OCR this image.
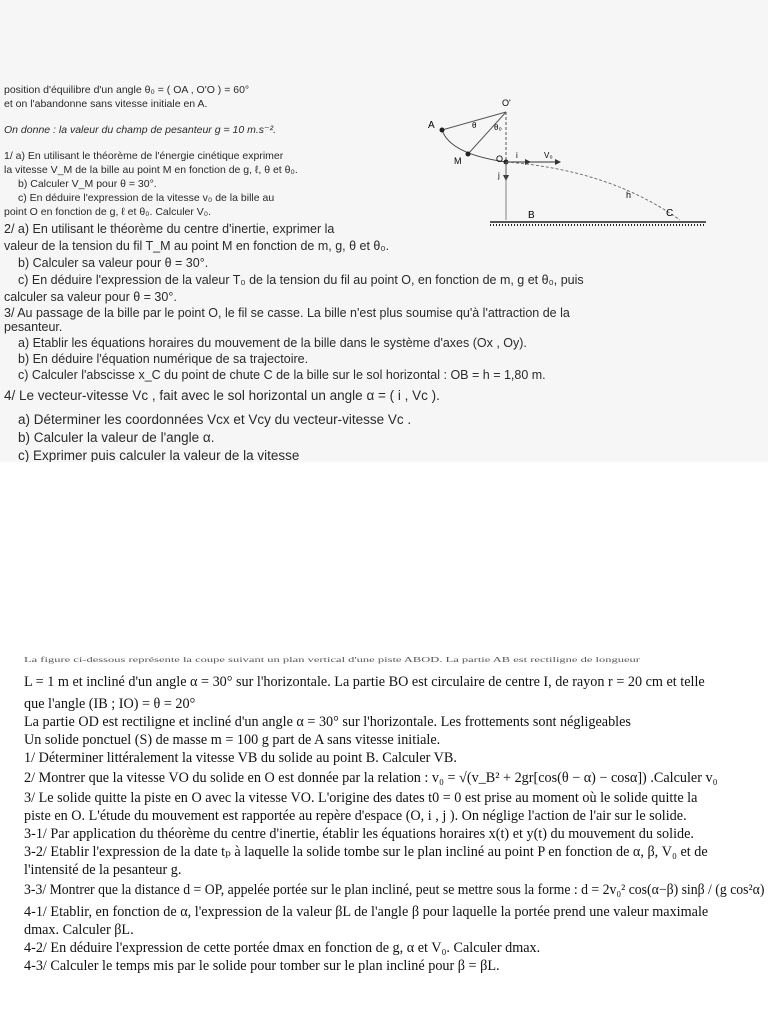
position d'équilibre d'un angle θ₀ = ( OA , O'O ) = 60°
et on l'abandonne sans vitesse initiale en A.
On donne : la valeur du champ de pesanteur g = 10 m.s⁻².
1/ a) En utilisant le théorème de l'énergie cinétique exprimer
la vitesse V_M de la bille au point M en fonction de g, ℓ, θ et θ₀.
b) Calculer V_M pour θ = 30°.
c) En déduire l'expression de la vitesse v₀ de la bille au
point O en fonction de g, ℓ et θ₀. Calculer V₀.
2/ a) En utilisant le théorème du centre d'inertie, exprimer la
valeur de la tension du fil T_M au point M en fonction de m, g, θ et θ₀.
b) Calculer sa valeur pour θ = 30°.
c) En déduire l'expression de la valeur T₀ de la tension du fil au point O, en fonction de m, g et θ₀, puis
calculer sa valeur pour θ = 30°.
3/ Au passage de la bille par le point O, le fil se casse. La bille n'est plus soumise qu'à l'attraction de la
pesanteur.
a) Etablir les équations horaires du mouvement de la bille dans le système d'axes (Ox , Oy).
b) En déduire l'équation numérique de sa trajectoire.
c) Calculer l'abscisse x_C du point de chute C de la bille sur le sol horizontal : OB = h = 1,80 m.
4/ Le vecteur-vitesse Vc , fait avec le sol horizontal un angle α = ( i , Vc ).
a) Déterminer les coordonnées Vcx et Vcy du vecteur-vitesse Vc .
b) Calculer la valeur de l'angle α.
c) Exprimer puis calculer la valeur de la vitesse
A
O'
θ θ₀
M	O i	V₀
j
h
B	C
La figure ci-dessous représente la coupe suivant un plan vertical d'une piste ABOD. La partie AB est rectiligne de longueur
L = 1 m et incliné d'un angle α = 30° sur l'horizontale. La partie BO est circulaire de centre I, de rayon r = 20 cm et telle
que l'angle (IB ; IO) = θ = 20°
La partie OD est rectiligne et incliné d'un angle α = 30° sur l'horizontale. Les frottements sont négligeables
Un solide ponctuel (S) de masse m = 100 g part de A sans vitesse initiale.
1/ Déterminer littéralement la vitesse VB du solide au point B. Calculer VB.
2/ Montrer que la vitesse VO du solide en O est donnée par la relation : v₀ = √(v_B² + 2gr[cos(θ − α) − cosα]) .Calculer v₀
3/ Le solide quitte la piste en O avec la vitesse VO. L'origine des dates t0 = 0 est prise au moment où le solide quitte la
piste en O. L'étude du mouvement est rapportée au repère d'espace (O, i , j ). On néglige l'action de l'air sur le solide.
3-1/ Par application du théorème du centre d'inertie, établir les équations horaires x(t) et y(t) du mouvement du solide.
3-2/ Etablir l'expression de la date tₚ à laquelle la solide tombe sur le plan incliné au point P en fonction de α, β, V₀ et de
l'intensité de la pesanteur g.
3-3/ Montrer que la distance d = OP, appelée portée sur le plan incliné, peut se mettre sous la forme : d = 2v₀² cos(α−β) sinβ / (g cos²α)
4-1/ Etablir, en fonction de α, l'expression de la valeur βL de l'angle β pour laquelle la portée prend une valeur maximale
dmax. Calculer βL.
4-2/ En déduire l'expression de cette portée dmax en fonction de g, α et V₀. Calculer dmax.
4-3/ Calculer le temps mis par le solide pour tomber sur le plan incliné pour β = βL.
